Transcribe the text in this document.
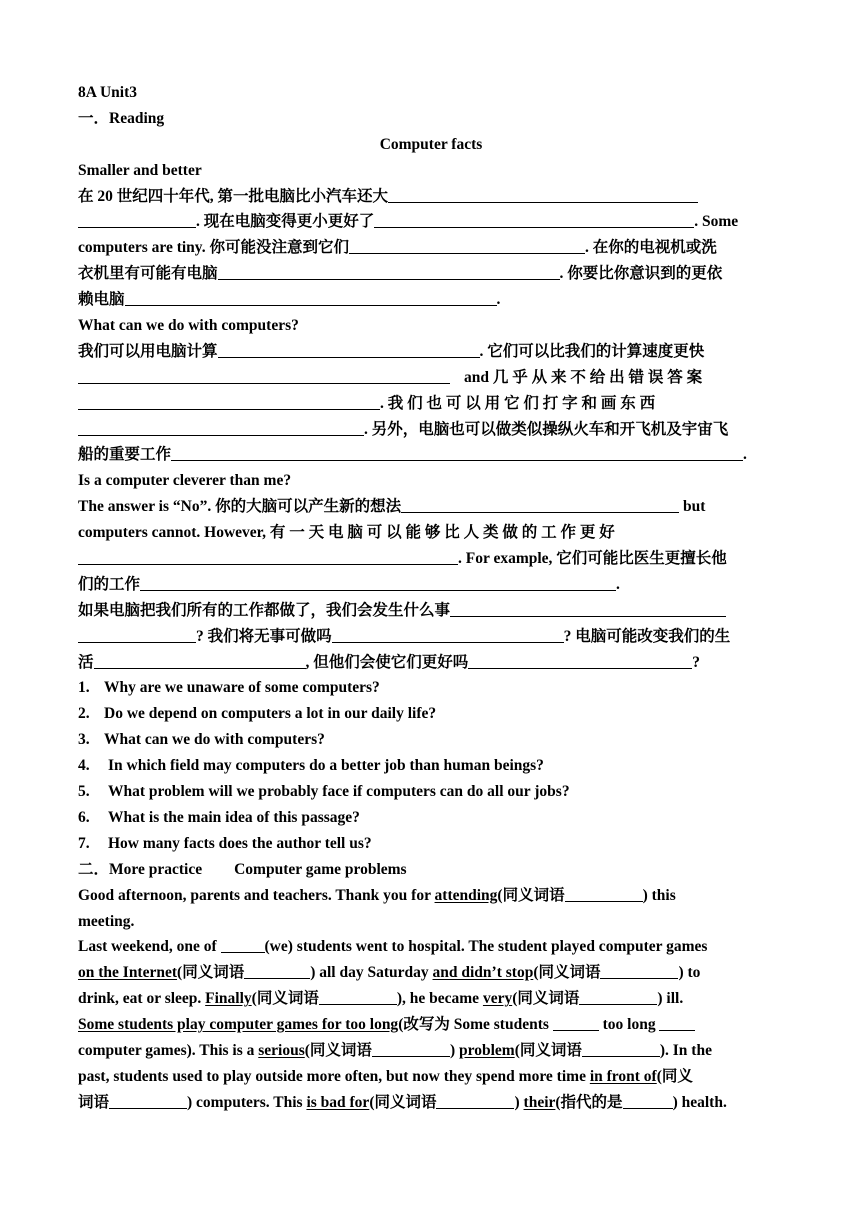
8A Unit3
一．Reading
Computer facts
Smaller and better
在 20 世纪四十年代, 第一批电脑比小汽车还大
. 现在电脑变得更小更好了	. Some
computers are tiny. 你可能没注意到它们	. 在你的电视机或洗
衣机里有可能有电脑	. 你要比你意识到的更依
赖电脑	.
What can we do with computers?
我们可以用电脑计算	. 它们可以比我们的计算速度更快
and 几 乎 从 来 不 给 出 错 误 答 案
. 我 们 也 可 以 用 它 们 打 字 和 画 东 西
. 另外，电脑也可以做类似操纵火车和开飞机及宇宙飞
船的重要工作	.
Is a computer cleverer than me?
The answer is “No”. 你的大脑可以产生新的想法	but
computers cannot. However, 有 一 天 电 脑 可 以 能 够 比 人 类 做 的 工 作 更 好
. For example, 它们可能比医生更擅长他
们的工作	.
如果电脑把我们所有的工作都做了，我们会发生什么事
? 我们将无事可做吗	? 电脑可能改变我们的生
活	, 但他们会使它们更好吗	?
1. Why are we unaware of some computers?
2. Do we depend on computers a lot in our daily life?
3. What can we do with computers?
4. In which field may computers do a better job than human beings?
5. What problem will we probably face if computers can do all our jobs?
6. What is the main idea of this passage?
7. How many facts does the author tell us?
二．More practice Computer game problems
Good afternoon, parents and teachers. Thank you for attending(同义词语	) this
meeting.
Last weekend, one of	(we) students went to hospital. The student played computer games
on the Internet(同义词语	) all day Saturday and didn’t stop(同义词语	) to
drink, eat or sleep. Finally(同义词语	), he became very(同义词语	) ill.
Some students play computer games for too long(改写为 Some students	too long
computer games). This is a serious(同义词语	) problem(同义词语	). In the
past, students used to play outside more often, but now they spend more time in front of(同义
词语	) computers. This is bad for(同义词语	) their(指代的是	) health.
